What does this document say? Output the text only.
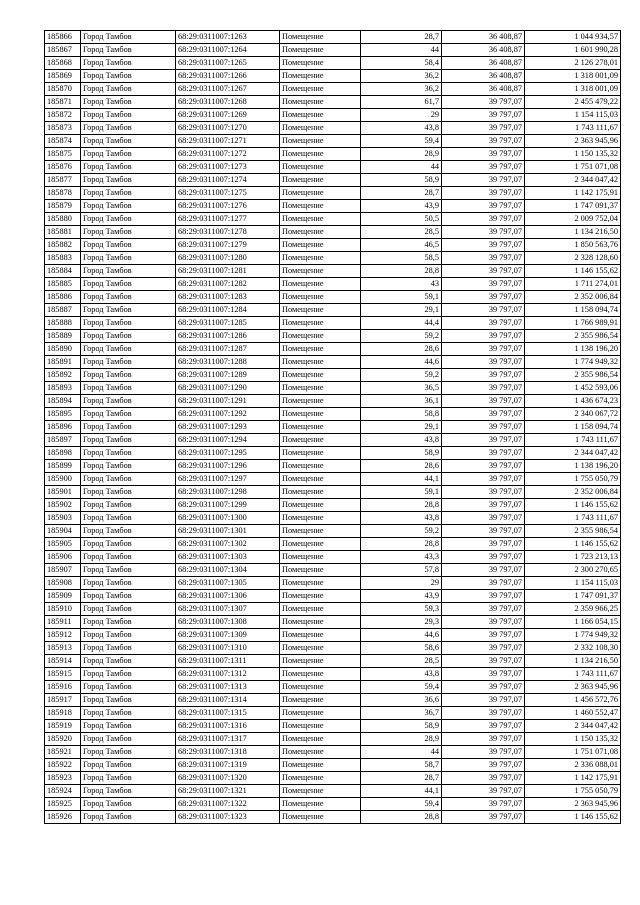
185866	Город Тамбов	68:29:0311007:1263	Помещение	28,7	36 408,87	1 044 934,57
185867	Город Тамбов	68:29:0311007:1264	Помещение	44	36 408,87	1 601 990,28
185868	Город Тамбов	68:29:0311007:1265	Помещение	58,4	36 408,87	2 126 278,01
185869	Город Тамбов	68:29:0311007:1266	Помещение	36,2	36 408,87	1 318 001,09
185870	Город Тамбов	68:29:0311007:1267	Помещение	36,2	36 408,87	1 318 001,09
185871	Город Тамбов	68:29:0311007:1268	Помещение	61,7	39 797,07	2 455 479,22
185872	Город Тамбов	68:29:0311007:1269	Помещение	29	39 797,07	1 154 115,03
185873	Город Тамбов	68:29:0311007:1270	Помещение	43,8	39 797,07	1 743 111,67
185874	Город Тамбов	68:29:0311007:1271	Помещение	59,4	39 797,07	2 363 945,96
185875	Город Тамбов	68:29:0311007:1272	Помещение	28,9	39 797,07	1 150 135,32
185876	Город Тамбов	68:29:0311007:1273	Помещение	44	39 797,07	1 751 071,08
185877	Город Тамбов	68:29:0311007:1274	Помещение	58,9	39 797,07	2 344 047,42
185878	Город Тамбов	68:29:0311007:1275	Помещение	28,7	39 797,07	1 142 175,91
185879	Город Тамбов	68:29:0311007:1276	Помещение	43,9	39 797,07	1 747 091,37
185880	Город Тамбов	68:29:0311007:1277	Помещение	50,5	39 797,07	2 009 752,04
185881	Город Тамбов	68:29:0311007:1278	Помещение	28,5	39 797,07	1 134 216,50
185882	Город Тамбов	68:29:0311007:1279	Помещение	46,5	39 797,07	1 850 563,76
185883	Город Тамбов	68:29:0311007:1280	Помещение	58,5	39 797,07	2 328 128,60
185884	Город Тамбов	68:29:0311007:1281	Помещение	28,8	39 797,07	1 146 155,62
185885	Город Тамбов	68:29:0311007:1282	Помещение	43	39 797,07	1 711 274,01
185886	Город Тамбов	68:29:0311007:1283	Помещение	59,1	39 797,07	2 352 006,84
185887	Город Тамбов	68:29:0311007:1284	Помещение	29,1	39 797,07	1 158 094,74
185888	Город Тамбов	68:29:0311007:1285	Помещение	44,4	39 797,07	1 766 989,91
185889	Город Тамбов	68:29:0311007:1286	Помещение	59,2	39 797,07	2 355 986,54
185890	Город Тамбов	68:29:0311007:1287	Помещение	28,6	39 797,07	1 138 196,20
185891	Город Тамбов	68:29:0311007:1288	Помещение	44,6	39 797,07	1 774 949,32
185892	Город Тамбов	68:29:0311007:1289	Помещение	59,2	39 797,07	2 355 986,54
185893	Город Тамбов	68:29:0311007:1290	Помещение	36,5	39 797,07	1 452 593,06
185894	Город Тамбов	68:29:0311007:1291	Помещение	36,1	39 797,07	1 436 674,23
185895	Город Тамбов	68:29:0311007:1292	Помещение	58,8	39 797,07	2 340 067,72
185896	Город Тамбов	68:29:0311007:1293	Помещение	29,1	39 797,07	1 158 094,74
185897	Город Тамбов	68:29:0311007:1294	Помещение	43,8	39 797,07	1 743 111,67
185898	Город Тамбов	68:29:0311007:1295	Помещение	58,9	39 797,07	2 344 047,42
185899	Город Тамбов	68:29:0311007:1296	Помещение	28,6	39 797,07	1 138 196,20
185900	Город Тамбов	68:29:0311007:1297	Помещение	44,1	39 797,07	1 755 050,79
185901	Город Тамбов	68:29:0311007:1298	Помещение	59,1	39 797,07	2 352 006,84
185902	Город Тамбов	68:29:0311007:1299	Помещение	28,8	39 797,07	1 146 155,62
185903	Город Тамбов	68:29:0311007:1300	Помещение	43,8	39 797,07	1 743 111,67
185904	Город Тамбов	68:29:0311007:1301	Помещение	59,2	39 797,07	2 355 986,54
185905	Город Тамбов	68:29:0311007:1302	Помещение	28,8	39 797,07	1 146 155,62
185906	Город Тамбов	68:29:0311007:1303	Помещение	43,3	39 797,07	1 723 213,13
185907	Город Тамбов	68:29:0311007:1304	Помещение	57,8	39 797,07	2 300 270,65
185908	Город Тамбов	68:29:0311007:1305	Помещение	29	39 797,07	1 154 115,03
185909	Город Тамбов	68:29:0311007:1306	Помещение	43,9	39 797,07	1 747 091,37
185910	Город Тамбов	68:29:0311007:1307	Помещение	59,3	39 797,07	2 359 966,25
185911	Город Тамбов	68:29:0311007:1308	Помещение	29,3	39 797,07	1 166 054,15
185912	Город Тамбов	68:29:0311007:1309	Помещение	44,6	39 797,07	1 774 949,32
185913	Город Тамбов	68:29:0311007:1310	Помещение	58,6	39 797,07	2 332 108,30
185914	Город Тамбов	68:29:0311007:1311	Помещение	28,5	39 797,07	1 134 216,50
185915	Город Тамбов	68:29:0311007:1312	Помещение	43,8	39 797,07	1 743 111,67
185916	Город Тамбов	68:29:0311007:1313	Помещение	59,4	39 797,07	2 363 945,96
185917	Город Тамбов	68:29:0311007:1314	Помещение	36,6	39 797,07	1 456 572,76
185918	Город Тамбов	68:29:0311007:1315	Помещение	36,7	39 797,07	1 460 552,47
185919	Город Тамбов	68:29:0311007:1316	Помещение	58,9	39 797,07	2 344 047,42
185920	Город Тамбов	68:29:0311007:1317	Помещение	28,9	39 797,07	1 150 135,32
185921	Город Тамбов	68:29:0311007:1318	Помещение	44	39 797,07	1 751 071,08
185922	Город Тамбов	68:29:0311007:1319	Помещение	58,7	39 797,07	2 336 088,01
185923	Город Тамбов	68:29:0311007:1320	Помещение	28,7	39 797,07	1 142 175,91
185924	Город Тамбов	68:29:0311007:1321	Помещение	44,1	39 797,07	1 755 050,79
185925	Город Тамбов	68:29:0311007:1322	Помещение	59,4	39 797,07	2 363 945,96
185926	Город Тамбов	68:29:0311007:1323	Помещение	28,8	39 797,07	1 146 155,62
